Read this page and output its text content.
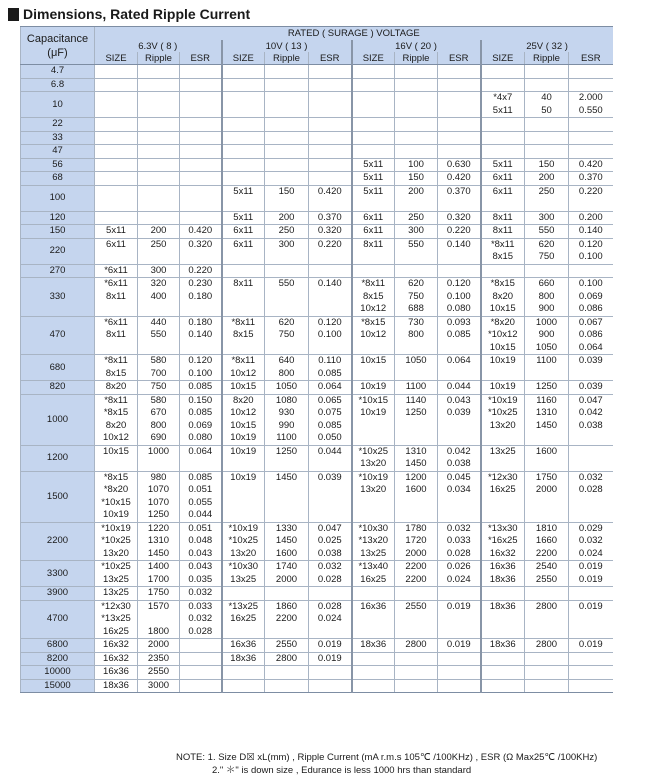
Dimensions, Rated Ripple Current
Capacitance
(μF)	RATED ( SURAGE ) VOLTAGE											
	6.3V ( 8 )			10V ( 13 )			16V ( 20 )			25V ( 32 )		
	SIZE	Ripple	ESR	SIZE	Ripple	ESR	SIZE	Ripple	ESR	SIZE	Ripple	ESR
4.7												
6.8												
10										*4x7	40	2.000
										5x11	50	0.550
22												
33												
47												
56							5x11	100	0.630	5x11	150	0.420
68							5x11	150	0.420	6x11	200	0.370
100				5x11	150	0.420	5x11	200	0.370	6x11	250	0.220

120				5x11	200	0.370	6x11	250	0.320	8x11	300	0.200
150	5x11	200	0.420	6x11	250	0.320	6x11	300	0.220	8x11	550	0.140
220	6x11	250	0.320	6x11	300	0.220	8x11	550	0.140	*8x11	620	0.120
										8x15	750	0.100
270	*6x11	300	0.220									
330	*6x11	320	0.230	8x11	550	0.140	*8x11	620	0.120	*8x15	660	0.100
	8x11	400	0.180				8x15	750	0.100	8x20	800	0.069
							10x12	688	0.080	10x15	900	0.086
470	*6x11	440	0.180	*8x11	620	0.120	*8x15	730	0.093	*8x20	1000	0.067
	8x11	550	0.140	8x15	750	0.100	10x12	800	0.085	*10x12	900	0.086
										10x15	1050	0.064
680	*8x11	580	0.120	*8x11	640	0.110	10x15	1050	0.064	10x19	1100	0.039
	8x15	700	0.100	10x12	800	0.085						
820	8x20	750	0.085	10x15	1050	0.064	10x19	1100	0.044	10x19	1250	0.039
1000	*8x11	580	0.150	8x20	1080	0.065	*10x15	1140	0.043	*10x19	1160	0.047
	*8x15	670	0.085	10x12	930	0.075	10x19	1250	0.039	*10x25	1310	0.042
	8x20	800	0.069	10x15	990	0.085				13x20	1450	0.038
	10x12	690	0.080	10x19	1100	0.050						
1200	10x15	1000	0.064	10x19	1250	0.044	*10x25	1310	0.042	13x25	1600	
							13x20	1450	0.038			
1500	*8x15	980	0.085	10x19	1450	0.039	*10x19	1200	0.045	*12x30	1750	0.032
	*8x20	1070	0.051				13x20	1600	0.034	16x25	2000	0.028
	*10x15	1070	0.055									
	10x19	1250	0.044									
2200	*10x19	1220	0.051	*10x19	1330	0.047	*10x30	1780	0.032	*13x30	1810	0.029
	*10x25	1310	0.048	*10x25	1450	0.025	*13x20	1720	0.033	*16x25	1660	0.032
	13x20	1450	0.043	13x20	1600	0.038	13x25	2000	0.028	16x32	2200	0.024
3300	*10x25	1400	0.043	*10x30	1740	0.032	*13x40	2200	0.026	16x36	2540	0.019
	13x25	1700	0.035	13x25	2000	0.028	16x25	2200	0.024	18x36	2550	0.019
3900	13x25	1750	0.032									
4700	*12x30	1570	0.033	*13x25	1860	0.028	16x36	2550	0.019	18x36	2800	0.019
	*13x25		0.032	16x25	2200	0.024						
	16x25	1800	0.028									
6800	16x32	2000		16x36	2550	0.019	18x36	2800	0.019	18x36	2800	0.019
8200	16x32	2350		18x36	2800	0.019						
10000	16x36	2550										
15000	18x36	3000										
NOTE: 1. Size D☒ xL(mm) , Ripple Current (mA r.m.s 105℃ /100KHz) , ESR (Ω Max25℃ /100KHz)
2." ＊" is down size , Edurance is less 1000 hrs than standard
